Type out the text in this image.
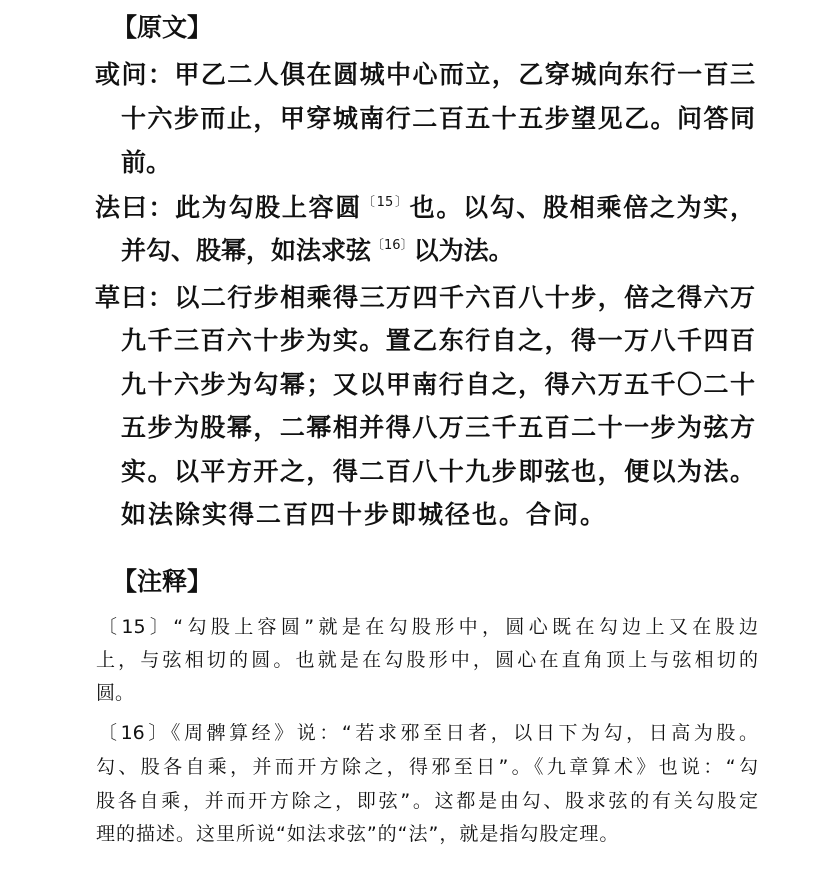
【原文】
或问：甲乙二人俱在圆城中心而立，乙穿城向东行一百三
十六步而止，甲穿城南行二百五十五步望见乙。问答同
前。
法曰：此为勾股上容圆$^{〔15〕}$也。以勾、股相乘倍之为实，
并勾、股幂，如法求弦$^{〔16〕}$以为法。
草曰：以二行步相乘得三万四千六百八十步，倍之得六万
九千三百六十步为实。置乙东行自之，得一万八千四百
九十六步为勾幂；又以甲南行自之，得六万五千〇二十
五步为股幂，二幂相并得八万三千五百二十一步为弦方
实。以平方开之，得二百八十九步即弦也，便以为法。
如法除实得二百四十步即城径也。合问。
【注释】
〔15〕“勾股上容圆”就是在勾股形中，圆心既在勾边上又在股边
上，与弦相切的圆。也就是在勾股形中，圆心在直角顶上与弦相切的
圆。
〔16〕《周髀算经》说：“若求邪至日者，以日下为勾，日高为股。
勾、股各自乘，并而开方除之，得邪至日”。《九章算术》也说：“勾
股各自乘，并而开方除之，即弦”。这都是由勾、股求弦的有关勾股定
理的描述。这里所说“如法求弦”的“法”，就是指勾股定理。
